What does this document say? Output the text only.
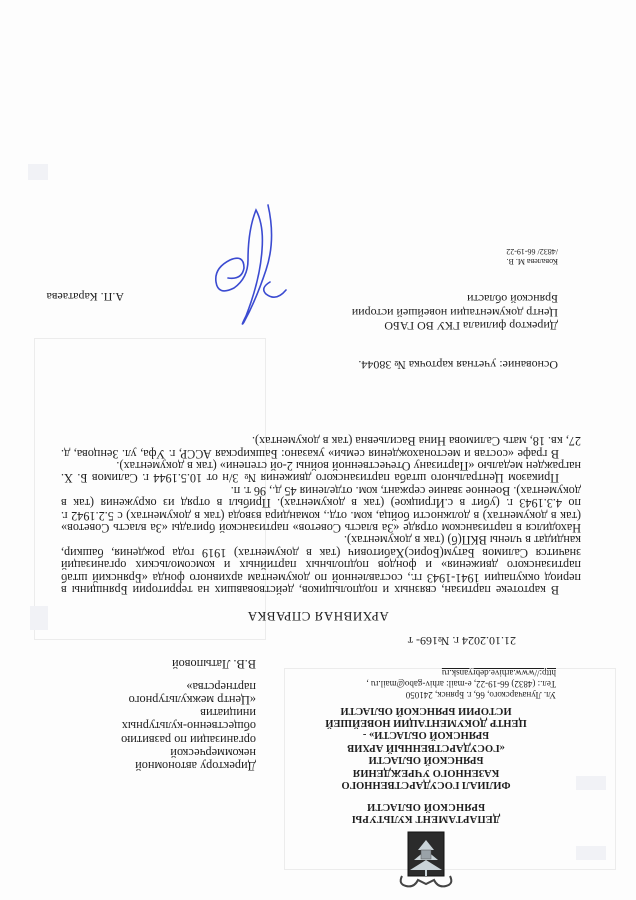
ДЕПАРТАМЕНТ КУЛЬТУРЫ
БРЯНСКОЙ ОБЛАСТИ
ФИЛИАЛ ГОСУДАРСТВЕННОГО
КАЗЕННОГО УЧРЕЖДЕНИЯ
БРЯНСКОЙ ОБЛАСТИ
«ГОСУДАРСТВЕННЫЙ АРХИВ
БРЯНСКОЙ ОБЛАСТИ» -
ЦЕНТР ДОКУМЕНТАЦИИ НОВЕЙШЕЙ
ИСТОРИИ БРЯНСКОЙ ОБЛАСТИ
Ул. Луначарского, 66, г. Брянск, 241050
Тел.: (4832) 66-19-22, e-mail: arhiv-gabo@mail.ru ,
http://www.arhive.debryansk.ru
21.10.2024 г. №169- т
Директору автономной
некоммерческой
организации по развитию
общественно-культурных
инициатив
«Центр межкультурного
партнерства»
В.В. Латыповой
АРХИВНАЯ СПРАВКА

В картотеке партизан, связных и подпольщиков, действовавших на территории Брянщины в период оккупации 1941-1943 гг., составленной по документам архивного фонда «Брянский штаб партизанского движения» и фондов подпольных партийных и комсомольских организаций значится Салимов Батум(Борис)Хабитович (так в документах) 1919 года рождения, башкир, кандидат в члены ВКП(б) (так в документах).

Находился в партизанском отряде «За власть Советов» партизанской бригады «За власть Советов» (так в документах) в должности бойца, ком. отд., командира взвода (так в документах) с 5.2.1942 г. по 4.3.1943 г. (убит в с.Игрицкое) (так в документах). Прибыл в отряд из окружения (так в документах). Военное звание сержант, ком. отделения 45 д., 96 т. п.

Приказом Центрального штаба партизанского движения № 3/н от 10.5.1944 г. Салимов Б. Х. награжден медалью «Партизану Отечественной войны 2-ой степени» (так в документах).

В графе «состав и местонахождения семьи» указано: Башкирская АССР, г. Уфа, ул. Зенцова, д. 27, кв. 18, мать Салимова Нина Васильевна (так в документах).

Основание: учетная карточка № 38044.
Директор филиала ГКУ ВО ГАБО
Центр документации новейшей истории
Брянской области
А.П. Каратаева
Ковалева М. В.
/4832/ 66-19-22
